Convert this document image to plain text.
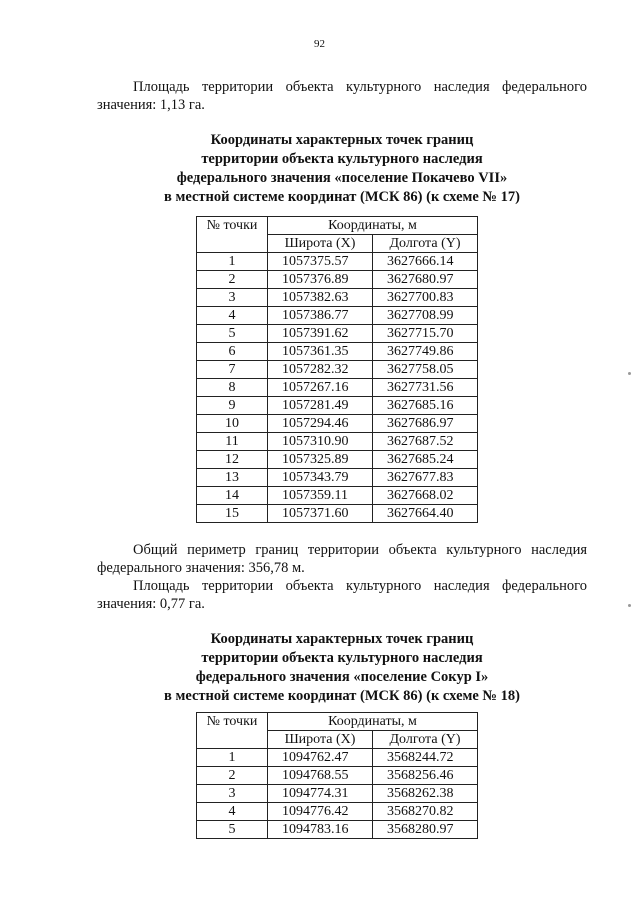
92

Площадь территории объекта культурного наследия федерального

значения: 1,13 га.

Координаты характерных точек границ
территории объекта культурного наследия
федерального значения «поселение Покачево VII»
в местной системе координат (МСК 86) (к схеме № 17)
№ точки	Координаты, м	
	Широта (X)	Долгота (Y)
1	1057375.57	3627666.14
2	1057376.89	3627680.97
3	1057382.63	3627700.83
4	1057386.77	3627708.99
5	1057391.62	3627715.70
6	1057361.35	3627749.86
7	1057282.32	3627758.05
8	1057267.16	3627731.56
9	1057281.49	3627685.16
10	1057294.46	3627686.97
11	1057310.90	3627687.52
12	1057325.89	3627685.24
13	1057343.79	3627677.83
14	1057359.11	3627668.02
15	1057371.60	3627664.40

Общий периметр границ территории объекта культурного наследия

федерального значения: 356,78 м.

Площадь территории объекта культурного наследия федерального

значения: 0,77 га.

Координаты характерных точек границ
территории объекта культурного наследия
федерального значения «поселение Сокур I»
в местной системе координат (МСК 86) (к схеме № 18)
№ точки	Координаты, м	
	Широта (X)	Долгота (Y)
1	1094762.47	3568244.72
2	1094768.55	3568256.46
3	1094774.31	3568262.38
4	1094776.42	3568270.82
5	1094783.16	3568280.97
